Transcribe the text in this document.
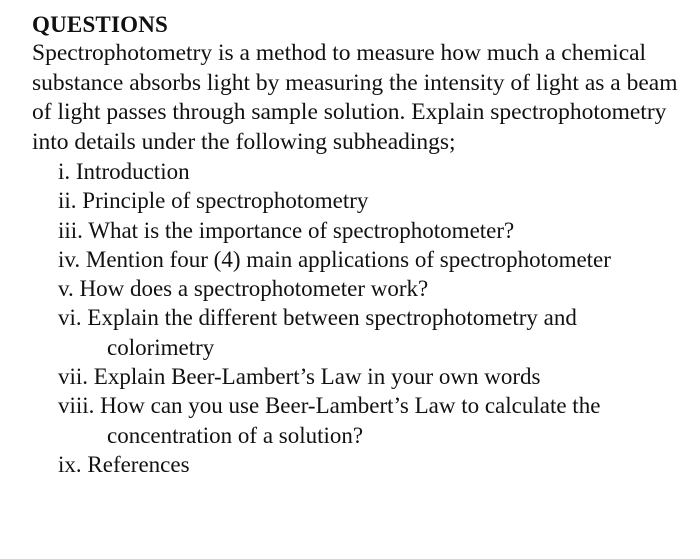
QUESTIONS

Spectrophotometry is a method to measure how much a chemical substance absorbs light by measuring the intensity of light as a beam of light passes through sample solution. Explain spectrophotometry into details under the following subheadings;

i. Introduction
ii. Principle of spectrophotometry
iii. What is the importance of spectrophotometer?
iv. Mention four (4) main applications of spectrophotometer
v. How does a spectrophotometer work?
vi. Explain the different between spectrophotometry and
colorimetry
vii. Explain Beer-Lambert’s Law in your own words
viii. How can you use Beer-Lambert’s Law to calculate the
concentration of a solution?
ix. References
